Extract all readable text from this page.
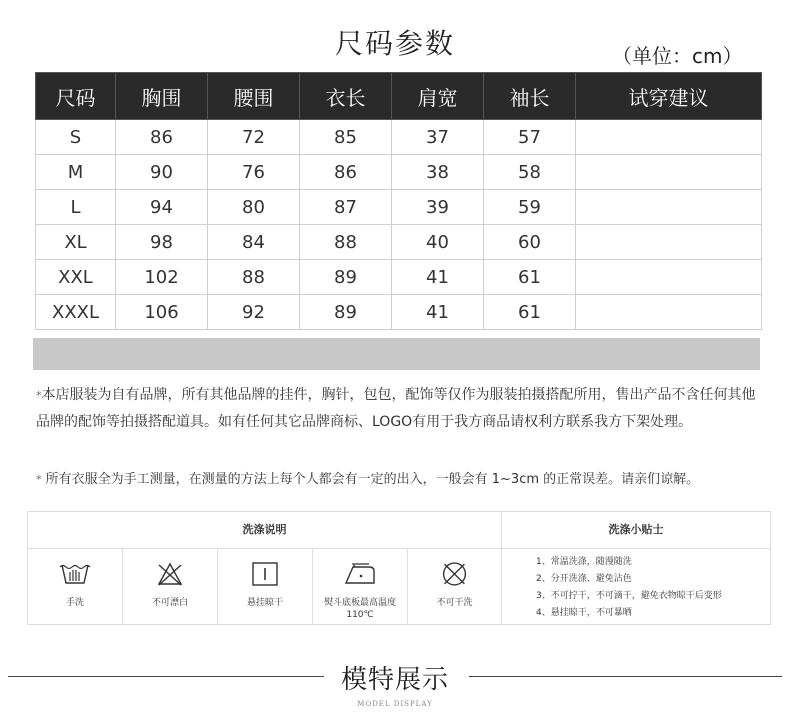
尺码参数	（单位：cm）
尺码	胸围	腰围	衣长	肩宽	袖长	试穿建议
S	86	72	85	37	57	
M	90	76	86	38	58	
L	94	80	87	39	59	
XL	98	84	88	40	60	
XXL	102	88	89	41	61	
XXXL	106	92	89	41	61	
*本店服装为自有品牌，所有其他品牌的挂件，胸针，包包，配饰等仅作为服装拍摄搭配所用，售出产品不含任何其他品牌的配饰等拍摄搭配道具。如有任何其它品牌商标、LOGO有用于我方商品请权利方联系我方下架处理。
* 所有衣服全为手工测量，在测量的方法上每个人都会有一定的出入，一般会有 1~3cm 的正常误差。请亲们谅解。
洗涤说明	洗涤小贴士
手洗	不可漂白	悬挂晾干	熨斗底板最高温度110℃
不可干洗
1、常温洗涤，随漫随洗
2、分开洗涤、避免沾色
3、不可拧干，不可滴干，避免衣物晾干后变形
4、悬挂晾干，不可暴晒
模特展示
MODEL DISPLAY
